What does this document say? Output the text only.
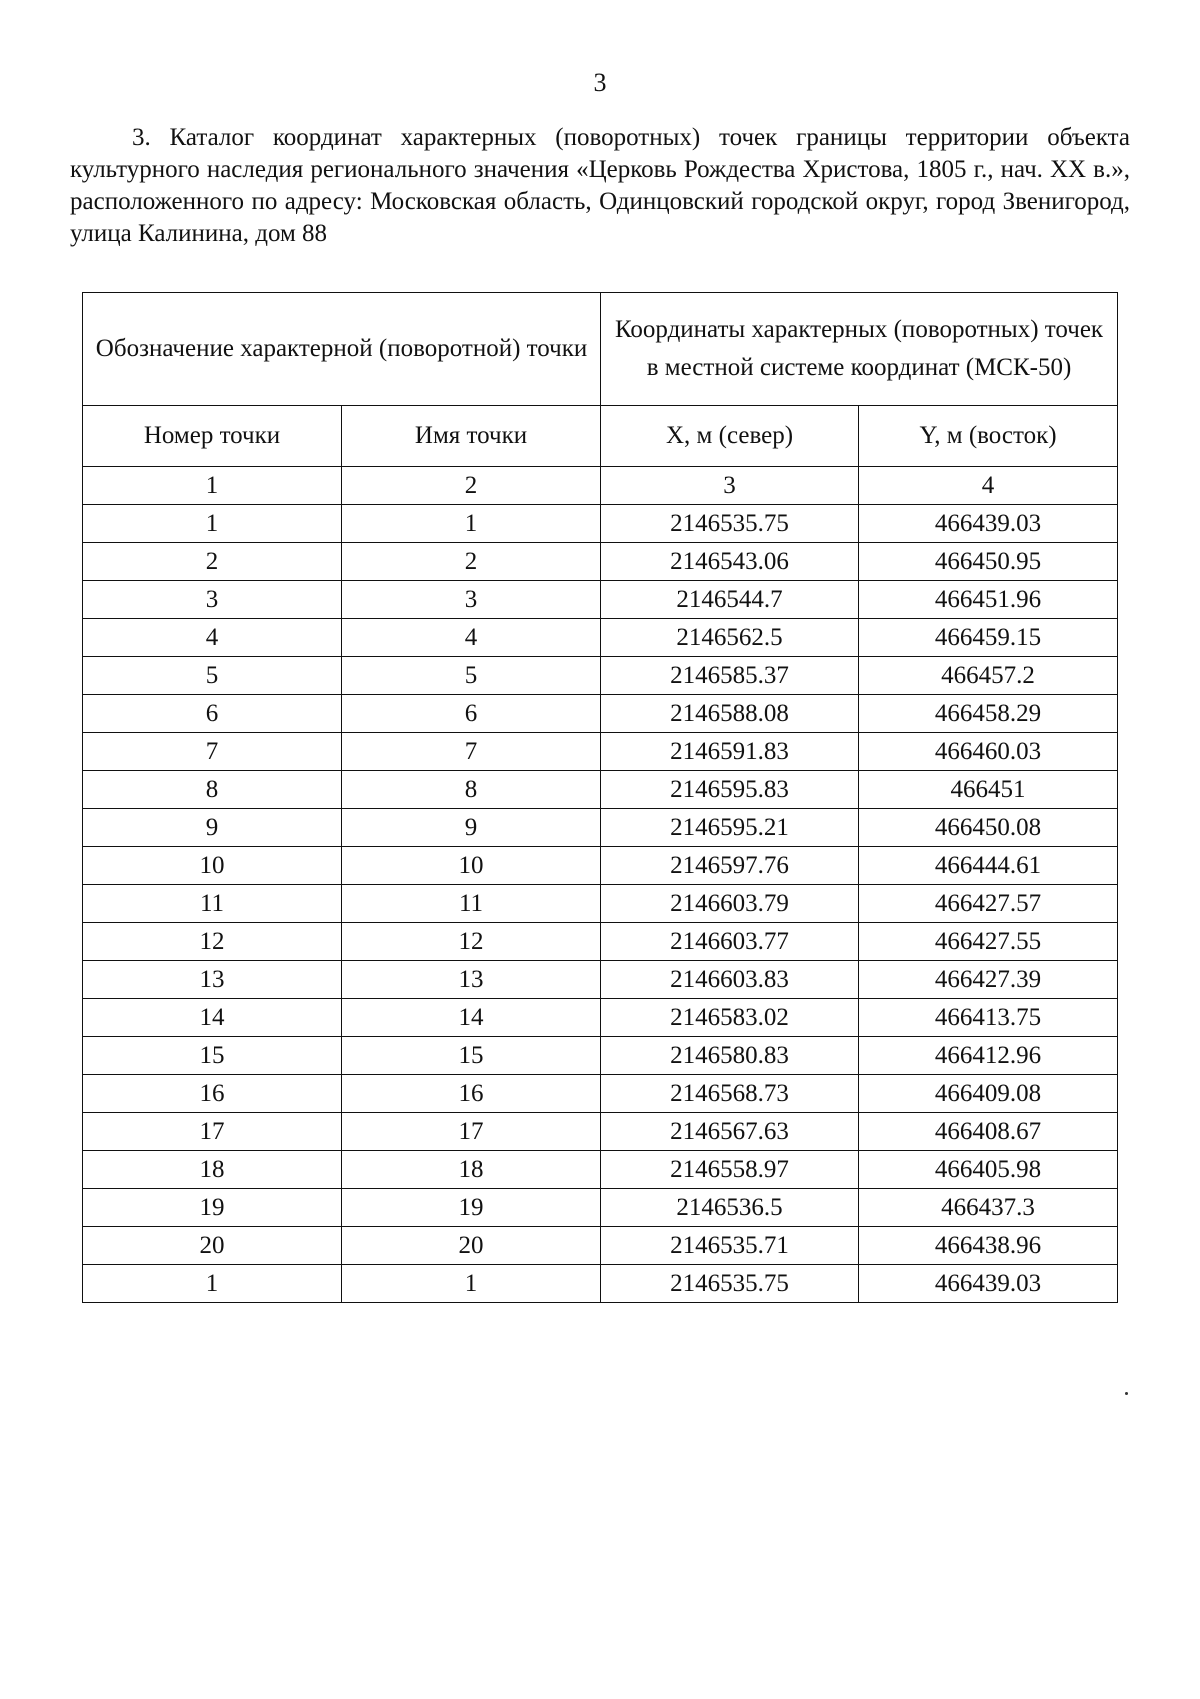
3
3. Каталог координат характерных (поворотных) точек границы территории объекта культурного наследия регионального значения «Церковь Рождества Христова, 1805 г., нач. XX в.», расположенного по адресу: Московская область, Одинцовский городской округ, город Звенигород, улица Калинина, дом 88
Обозначение характерной (поворотной) точки		Координаты характерных (поворотных) точек в местной системе координат (МСК-50)	
Номер точки	Имя точки	X, м (север)	Y, м (восток)
1	2	3	4
1	1	2146535.75	466439.03
2	2	2146543.06	466450.95
3	3	2146544.7	466451.96
4	4	2146562.5	466459.15
5	5	2146585.37	466457.2
6	6	2146588.08	466458.29
7	7	2146591.83	466460.03
8	8	2146595.83	466451
9	9	2146595.21	466450.08
10	10	2146597.76	466444.61
11	11	2146603.79	466427.57
12	12	2146603.77	466427.55
13	13	2146603.83	466427.39
14	14	2146583.02	466413.75
15	15	2146580.83	466412.96
16	16	2146568.73	466409.08
17	17	2146567.63	466408.67
18	18	2146558.97	466405.98
19	19	2146536.5	466437.3
20	20	2146535.71	466438.96
1	1	2146535.75	466439.03
